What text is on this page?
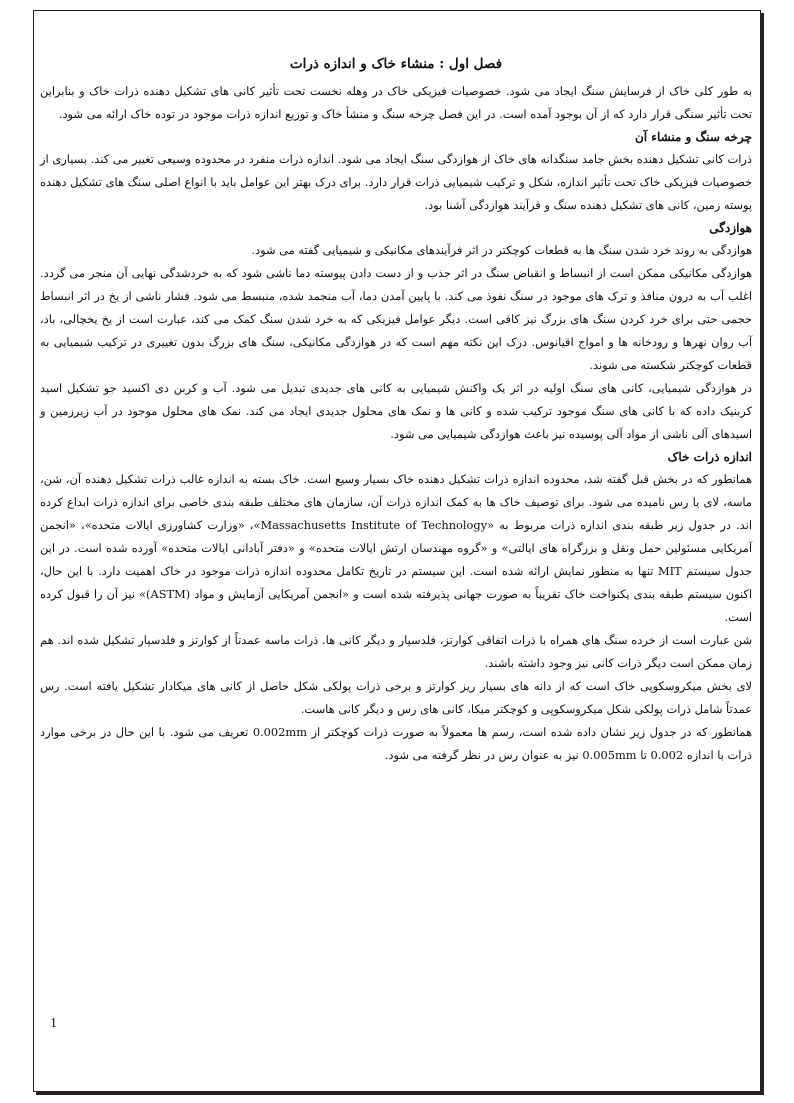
فصل اول : منشاء خاک و اندازه ذرات

به طور کلی خاک از فرسایش سنگ ایجاد می شود. خصوصیات فیزیکی خاک در وهله نخست تحت تأثیر کانی های تشکیل دهنده ذرات خاک و بنابراین تحت تأثیر سنگی قرار دارد که از آن بوجود آمده است. در این فصل چرخه سنگ و منشأ خاک و توزیع اندازه ذرات موجود در توده خاک ارائه می شود.

چرخه سنگ و منشاء آن

ذرات کانی تشکیل دهنده بخش جامد سنگدانه های خاک از هوازدگی سنگ ایجاد می شود. اندازه ذرات منفرد در محدوده وسیعی تغییر می کند. بسیاری از خصوصیات فیزیکی خاک تحت تأثیر اندازه، شکل و ترکیب شیمیایی ذرات قرار دارد. برای درک بهتر این عوامل باید با انواع اصلی سنگ های تشکیل دهنده پوسته زمین، کانی های تشکیل دهنده سنگ و فرآیند هوازدگی آشنا بود.

هوازدگی

هوازدگی به روند خرد شدن سنگ ها به قطعات کوچکتر در اثر فرآیندهای مکانیکی و شیمیایی گفته می شود.

هوازدگی مکانیکی ممکن است از انبساط و انقباض سنگ در اثر جذب و از دست دادن پیوسته دما ناشی شود که به خردشدگی نهایی آن منجر می گردد. اغلب آب به درون منافذ و ترک های موجود در سنگ نفوذ می کند. با پایین آمدن دما، آب منجمد شده، منبسط می شود. فشار ناشی از یخ در اثر انبساط حجمی حتی برای خرد کردن سنگ های بزرگ نیز کافی است. دیگر عوامل فیزیکی که به خرد شدن سنگ کمک می کند، عبارت است از یخ یخچالی، باد، آب روان نهرها و رودخانه ها و امواج اقیانوس. درک این نکته مهم است که در هوازدگی مکانیکی، سنگ های بزرگ بدون تغییری در ترکیب شیمیایی به قطعات کوچکتر شکسته می شوند.

در هوازدگی شیمیایی، کانی های سنگ اولیه در اثر یک واکنش شیمیایی به کانی های جدیدی تبدیل می شود. آب و کربن دی اکسید جو تشکیل اسید کربنیک داده که با کانی های سنگ موجود ترکیب شده و کانی ها و نمک های محلول جدیدی ایجاد می کند. نمک های محلول موجود در آب زیرزمین و اسیدهای آلی ناشی از مواد آلی پوسیده نیز باعث هوازدگی شیمیایی می شود.

اندازه ذرات خاک

همانطور که در بخش قبل گفته شد، محدوده اندازه ذرات تشکیل دهنده خاک بسیار وسیع است. خاک بسته به اندازه غالب ذرات تشکیل دهنده آن، شن، ماسه، لای یا رس نامیده می شود. برای توصیف خاک ها به کمک اندازه ذرات آن، سازمان های مختلف طبقه بندی خاصی برای اندازه ذرات ابداع کرده اند. در جدول زیر طبقه بندی اندازه ذرات مربوط به «Massachusetts Institute of Technology»، «وزارت کشاورزی ایالات متحده»، «انجمن آمریکایی مسئولین حمل ونقل و بزرگراه های ایالتی» و «گروه مهندسان ارتش ایالات متحده» و «دفتر آبادانی ایالات متحده» آورده شده است. در این جدول سیستم MIT تنها به منظور نمایش ارائه شده است. این سیستم در تاریخ تکامل محدوده اندازه ذرات موجود در خاک اهمیت دارد. با این حال، اکنون سیستم طبقه بندی یکنواخت خاک تقریباً به صورت جهانی پذیرفته شده است و «انجمن آمریکایی آزمایش و مواد (ASTM)» نیز آن را قبول کرده است.

شن عبارت است از خرده سنگ های همراه با ذرات اتفاقی کوارتز، فلدسپار و دیگر کانی ها. ذرات ماسه عمدتاً از کوارتز و فلدسپار تشکیل شده اند. هم زمان ممکن است دیگر ذرات کانی نیز وجود داشته باشند.

لای بخش میکروسکوپی خاک است که از دانه های بسیار ریز کوارتز و برخی ذرات پولکی شکل حاصل از کانی های میکادار تشکیل یافته است. رس عمدتاً شامل ذرات پولکی شکل میکروسکوپی و کوچکتر میکا، کانی های رس و دیگر کانی هاست.

همانطور که در جدول زیر نشان داده شده است، رسم ها معمولاً به صورت ذرات کوچکتر از 0.002mm تعریف می شود. با این حال در برخی موارد ذرات با اندازه 0.002 تا 0.005mm نیز به عنوان رس در نظر گرفته می شود.

1
